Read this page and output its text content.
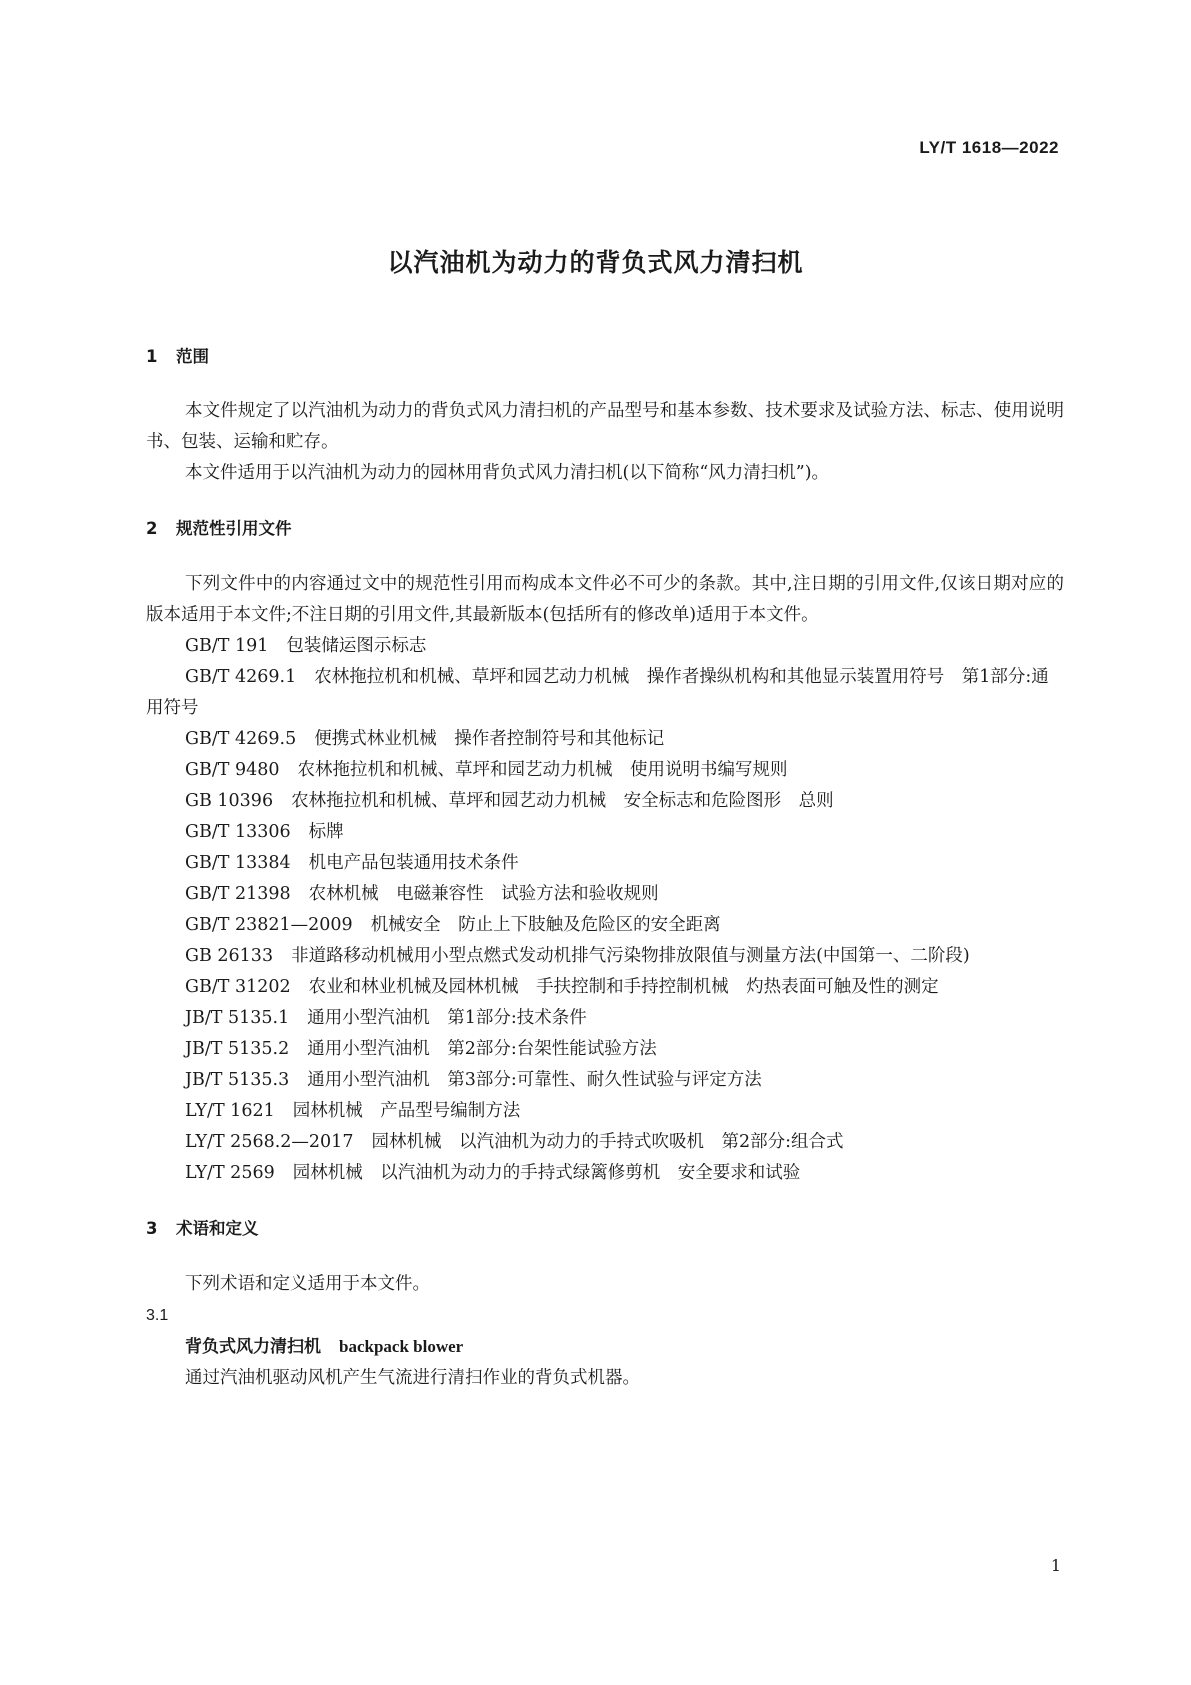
LY/T 1618—2022
以汽油机为动力的背负式风力清扫机
1 范围

本文件规定了以汽油机为动力的背负式风力清扫机的产品型号和基本参数、技术要求及试验方法、标志、使用说明书、包装、运输和贮存。

本文件适用于以汽油机为动力的园林用背负式风力清扫机(以下简称“风力清扫机”)。

2 规范性引用文件

下列文件中的内容通过文中的规范性引用而构成本文件必不可少的条款。其中,注日期的引用文件,仅该日期对应的版本适用于本文件;不注日期的引用文件,其最新版本(包括所有的修改单)适用于本文件。

GB/T 191 包装储运图示标志

GB/T 4269.1 农林拖拉机和机械、草坪和园艺动力机械　操作者操纵机构和其他显示装置用符号　第1部分:通用符号

GB/T 4269.5 便携式林业机械　操作者控制符号和其他标记

GB/T 9480 农林拖拉机和机械、草坪和园艺动力机械　使用说明书编写规则

GB 10396 农林拖拉机和机械、草坪和园艺动力机械　安全标志和危险图形　总则

GB/T 13306 标牌

GB/T 13384 机电产品包装通用技术条件

GB/T 21398 农林机械　电磁兼容性　试验方法和验收规则

GB/T 23821—2009 机械安全　防止上下肢触及危险区的安全距离

GB 26133 非道路移动机械用小型点燃式发动机排气污染物排放限值与测量方法(中国第一、二阶段)

GB/T 31202 农业和林业机械及园林机械　手扶控制和手持控制机械　灼热表面可触及性的测定

JB/T 5135.1 通用小型汽油机　第1部分:技术条件

JB/T 5135.2 通用小型汽油机　第2部分:台架性能试验方法

JB/T 5135.3 通用小型汽油机　第3部分:可靠性、耐久性试验与评定方法

LY/T 1621 园林机械　产品型号编制方法

LY/T 2568.2—2017 园林机械　以汽油机为动力的手持式吹吸机　第2部分:组合式

LY/T 2569 园林机械　以汽油机为动力的手持式绿篱修剪机　安全要求和试验

3 术语和定义

下列术语和定义适用于本文件。

3.1
背负式风力清扫机 backpack blower

通过汽油机驱动风机产生气流进行清扫作业的背负式机器。

1
